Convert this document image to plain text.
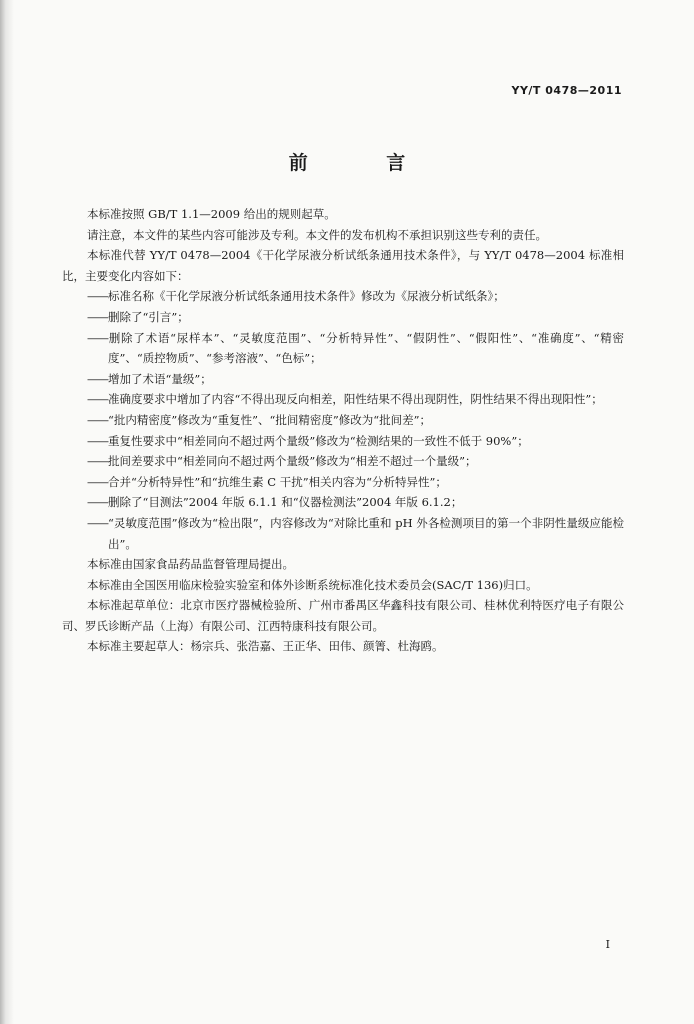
YY/T 0478—2011
前 言

本标准按照 GB/T 1.1—2009 给出的规则起草。

请注意，本文件的某些内容可能涉及专利。本文件的发布机构不承担识别这些专利的责任。

本标准代替 YY/T 0478—2004《干化学尿液分析试纸条通用技术条件》，与 YY/T 0478—2004 标准相比，主要变化内容如下：

——标准名称《干化学尿液分析试纸条通用技术条件》修改为《尿液分析试纸条》；

——删除了“引言”；

——删除了术语“尿样本”、“灵敏度范围”、“分析特异性”、“假阴性”、“假阳性”、“准确度”、“精密度”、“质控物质”、“参考溶液”、“色标”；

——增加了术语“量级”；

——准确度要求中增加了内容“不得出现反向相差，阳性结果不得出现阴性，阴性结果不得出现阳性”；

——“批内精密度”修改为“重复性”、“批间精密度”修改为“批间差”；

——重复性要求中“相差同向不超过两个量级”修改为“检测结果的一致性不低于 90%”；

——批间差要求中“相差同向不超过两个量级”修改为“相差不超过一个量级”；

——合并“分析特异性”和“抗维生素 C 干扰”相关内容为“分析特异性”；

——删除了“目测法”2004 年版 6.1.1 和“仪器检测法”2004 年版 6.1.2；

——“灵敏度范围”修改为“检出限”，内容修改为“对除比重和 pH 外各检测项目的第一个非阴性量级应能检出”。

本标准由国家食品药品监督管理局提出。

本标准由全国医用临床检验实验室和体外诊断系统标准化技术委员会(SAC/T 136)归口。

本标准起草单位：北京市医疗器械检验所、广州市番禺区华鑫科技有限公司、桂林优利特医疗电子有限公司、罗氏诊断产品（上海）有限公司、江西特康科技有限公司。

本标准主要起草人：杨宗兵、张浩嘉、王正华、田伟、颜箐、杜海鸥。

I
